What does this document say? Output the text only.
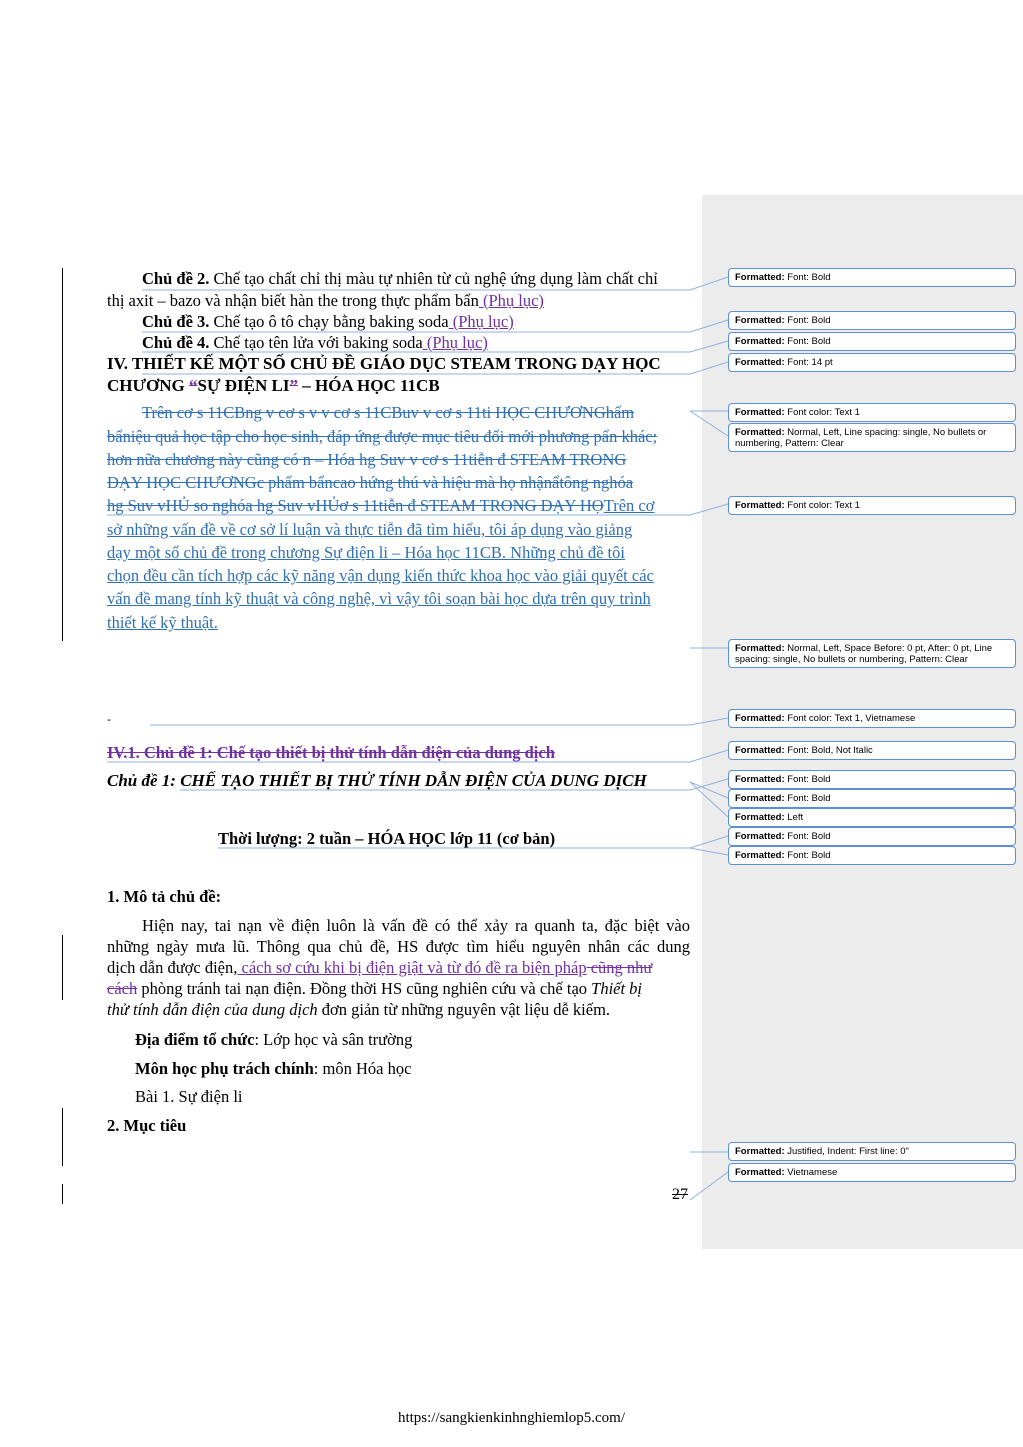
Chủ đề 2. Chế tạo chất chỉ thị màu tự nhiên từ củ nghệ ứng dụng làm chất chỉ
thị axit – bazo và nhận biết hàn the trong thực phẩm bẩn (Phụ lục)
Chủ đề 3. Chế tạo ô tô chạy bằng baking soda (Phụ lục)
Chủ đề 4. Chế tạo tên lửa với baking soda (Phụ lục)
IV. THIẾT KẾ MỘT SỐ CHỦ ĐỀ GIÁO DỤC STEAM TRONG DẠY HỌC
CHƯƠNG “SỰ ĐIỆN LI” – HÓA HỌC 11CB
Trên cơ s 11CBng v cơ s v v cơ s 11CBuv v cơ s 11ti HỌC CHƯƠNGhẩm
bẩniệu quả học tập cho học sinh, đáp ứng được mục tiêu đổi mới phương pẩn khác;
hơn nữa chương này cũng có n – Hóa hg Suv v cơ s 11tiễn đ STEAM TRONG
DẠY HỌC CHƯƠNGc phẩm bẩncao hứng thú và hiệu mà họ nhậnẩtông nghóa
hg Suv vHỦ so nghóa hg Suv vHỦơ s 11tiễn đ STEAM TRONG DẠY HỌTrên cơ
sở những vấn đề về cơ sở lí luận và thực tiễn đã tìm hiểu, tôi áp dụng vào giảng
dạy một số chủ đề trong chương Sự điện li – Hóa học 11CB. Những chủ đề tôi
chọn đều cần tích hợp các kỹ năng vận dụng kiến thức khoa học vào giải quyết các
vấn đề mang tính kỹ thuật và công nghệ, vì vậy tôi soạn bài học dựa trên quy trình
thiết kế kỹ thuật.
-
IV.1. Chủ đề 1: Chế tạo thiết bị thử tính dẫn điện của dung dịch
Chủ đề 1: CHẾ TẠO THIẾT BỊ THỬ TÍNH DẪN ĐIỆN CỦA DUNG DỊCH
Thời lượng: 2 tuần – HÓA HỌC lớp 11 (cơ bản)
1. Mô tả chủ đề:
Hiện nay, tai nạn về điện luôn là vấn đề có thể xảy ra quanh ta, đặc biệt vào
những ngày mưa lũ. Thông qua chủ đề, HS được tìm hiểu nguyên nhân các dung
dịch dẫn được điện, cách sơ cứu khi bị điện giật và từ đó đề ra biện pháp cũng như
cách phòng tránh tai nạn điện. Đồng thời HS cũng nghiên cứu và chế tạo Thiết bị
thử tính dẫn điện của dung dịch đơn giản từ những nguyên vật liệu dễ kiếm.
Địa điểm tổ chức: Lớp học và sân trường
Môn học phụ trách chính: môn Hóa học
Bài 1. Sự điện li
2. Mục tiêu
27
Formatted: Font: Bold
Formatted: Font: Bold
Formatted: Font: Bold
Formatted: Font: 14 pt
Formatted: Font color: Text 1
Formatted: Normal, Left, Line spacing: single, No bullets or numbering, Pattern: Clear
Formatted: Font color: Text 1
Formatted: Normal, Left, Space Before: 0 pt, After: 0 pt, Line spacing: single, No bullets or numbering, Pattern: Clear
Formatted: Font color: Text 1, Vietnamese
Formatted: Font: Bold, Not Italic
Formatted: Font: Bold
Formatted: Font: Bold
Formatted: Left
Formatted: Font: Bold
Formatted: Font: Bold
Formatted: Justified, Indent: First line: 0"
Formatted: Vietnamese
https://sangkienkinhnghiemlop5.com/
